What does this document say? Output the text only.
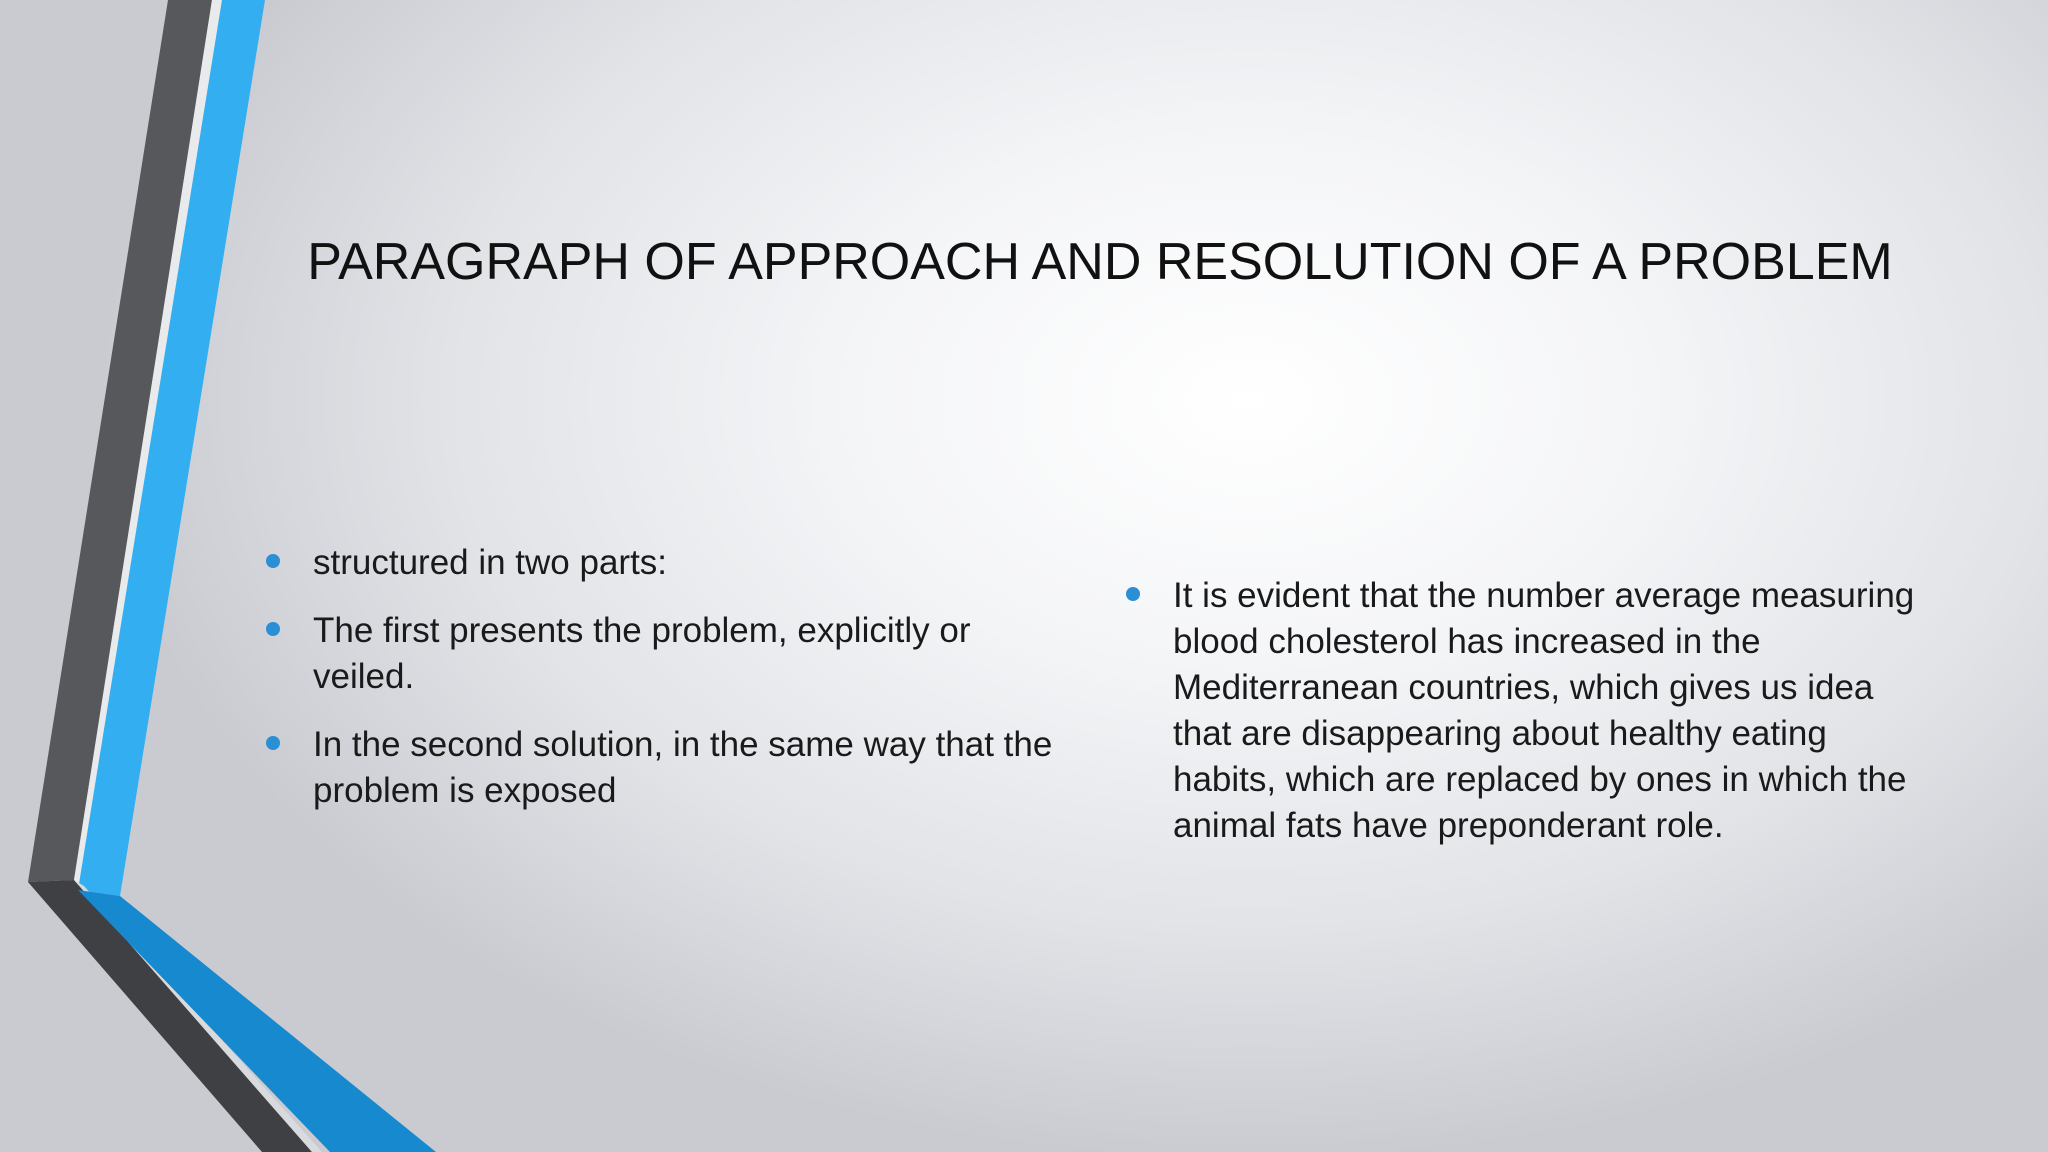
PARAGRAPH OF APPROACH AND RESOLUTION OF A PROBLEM
structured in two parts:
The first presents the problem, explicitly or veiled.
In the second solution, in the same way that the problem is exposed
It is evident that the number average measuring blood cholesterol has increased in the Mediterranean countries, which gives us idea that are disappearing about healthy eating habits, which are replaced by ones in which the animal fats have preponderant role.
